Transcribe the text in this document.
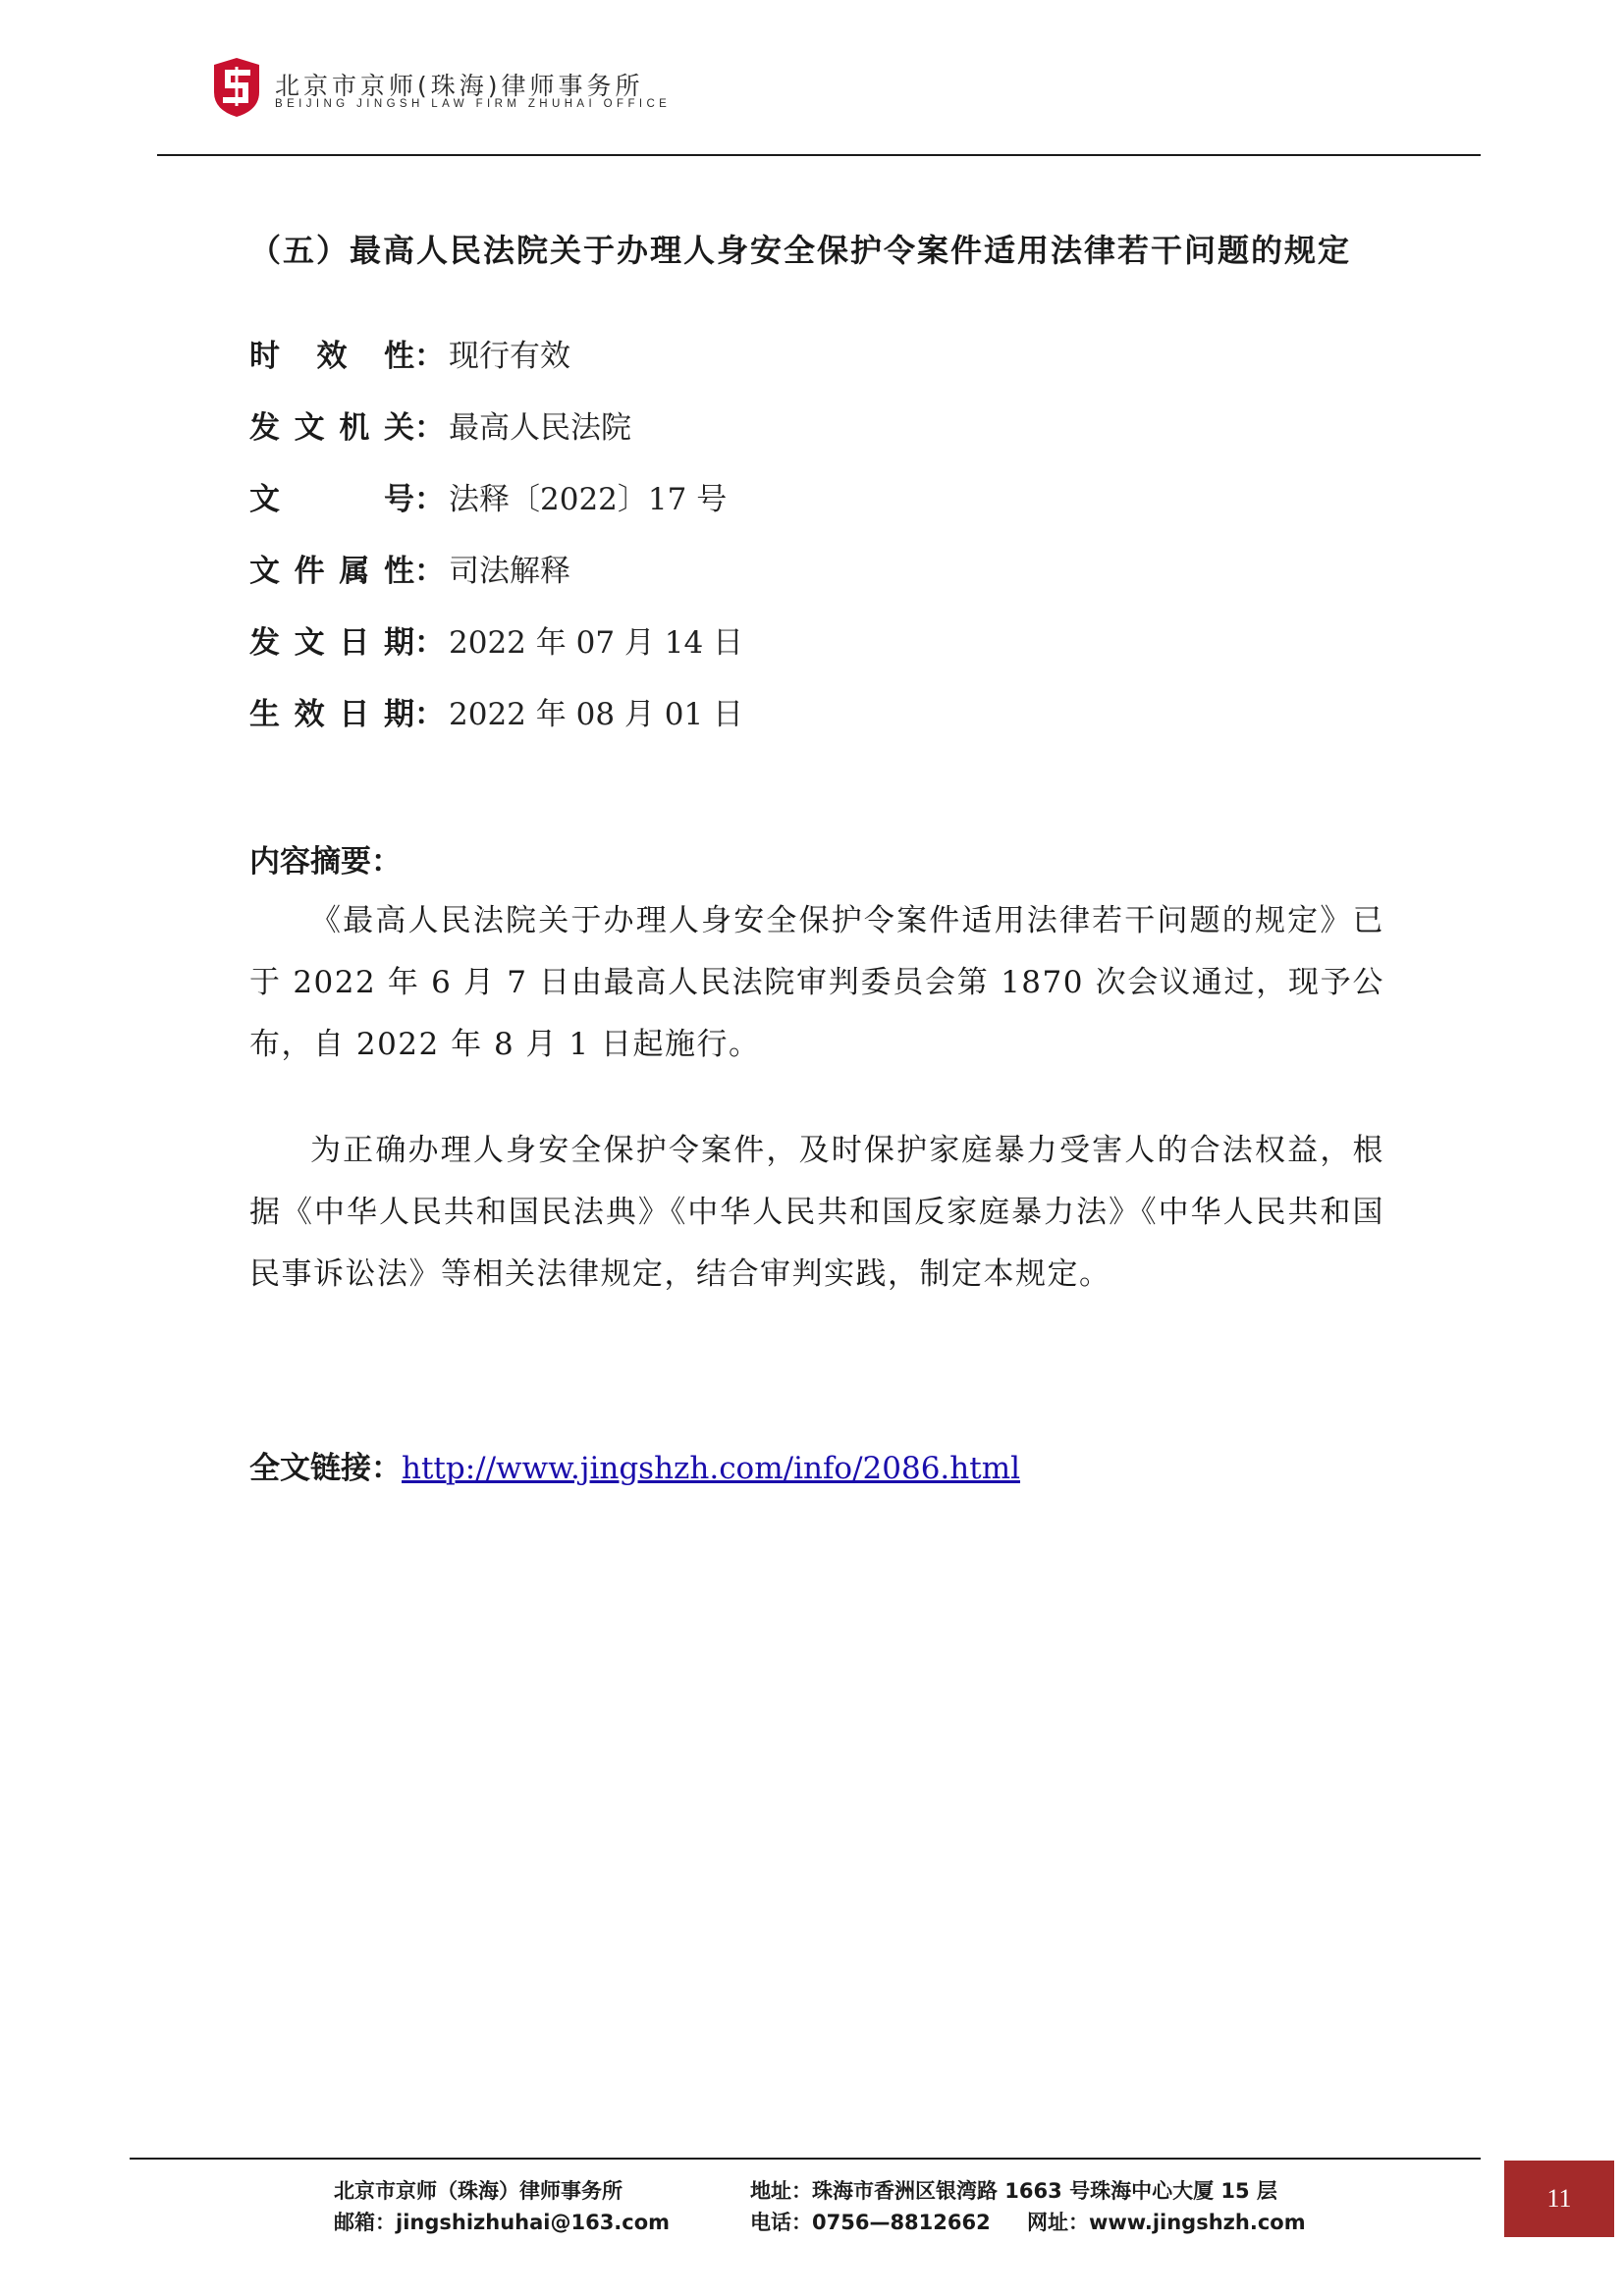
北京市京师(珠海)律师事务所
BEIJING JINGSH LAW FIRM ZHUHAI OFFICE
（五）最高人民法院关于办理人身安全保护令案件适用法律若干问题的规定
时效性： 现行有效
发文机关： 最高人民法院
文号： 法释〔2022〕17 号
文件属性： 司法解释
发文日期： 2022 年 07 月 14 日
生效日期： 2022 年 08 月 01 日
内容摘要：
《最高人民法院关于办理人身安全保护令案件适用法律若干问题的规定》已于 2022 年 6 月 7 日由最高人民法院审判委员会第 1870 次会议通过，现予公布，自 2022 年 8 月 1 日起施行。
为正确办理人身安全保护令案件，及时保护家庭暴力受害人的合法权益，根据《中华人民共和国民法典》《中华人民共和国反家庭暴力法》《中华人民共和国民事诉讼法》等相关法律规定，结合审判实践，制定本规定。
全文链接：http://www.jingshzh.com/info/2086.html
北京市京师（珠海）律师事务所	地址：珠海市香洲区银湾路 1663 号珠海中心大厦 15 层
邮箱：jingshizhuhai@163.com	电话：0756—8812662 网址：www.jingshzh.com
11
